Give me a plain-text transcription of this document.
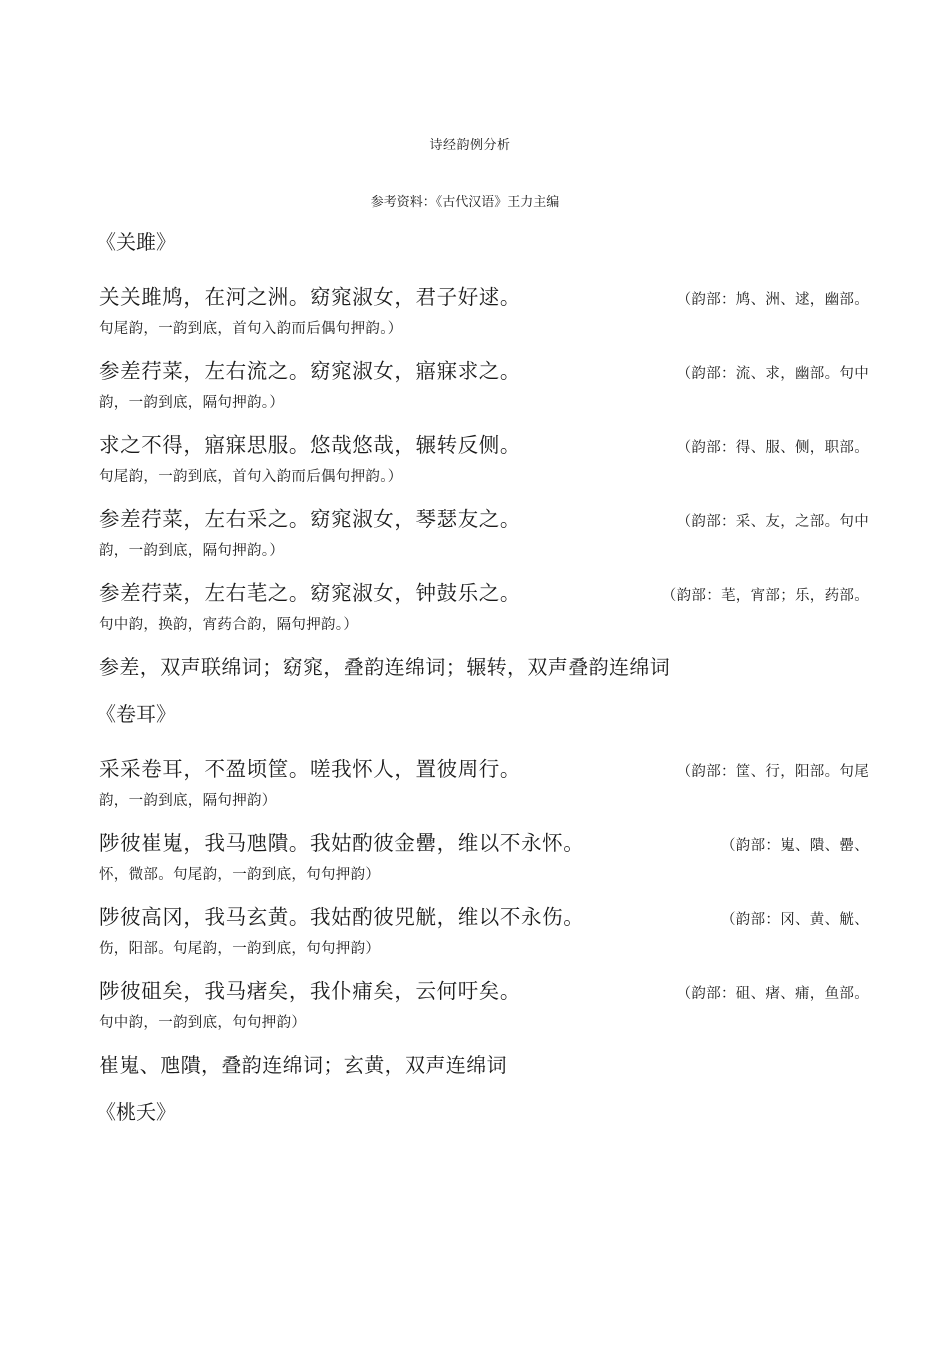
诗经韵例分析
参考资料：《古代汉语》王力主编
《关雎》
关关雎鸠，在河之洲。窈窕淑女，君子好逑。	（韵部：鸠、洲、逑，幽部。
句尾韵，一韵到底，首句入韵而后偶句押韵。）
参差荇菜，左右流之。窈窕淑女，寤寐求之。	（韵部：流、求，幽部。句中
韵，一韵到底，隔句押韵。）
求之不得，寤寐思服。悠哉悠哉，辗转反侧。	（韵部：得、服、侧，职部。
句尾韵，一韵到底，首句入韵而后偶句押韵。）
参差荇菜，左右采之。窈窕淑女，琴瑟友之。	（韵部：采、友，之部。句中
韵，一韵到底，隔句押韵。）
参差荇菜，左右芼之。窈窕淑女，钟鼓乐之。	（韵部：芼，宵部；乐，药部。
句中韵，换韵，宵药合韵，隔句押韵。）
参差，双声联绵词；窈窕，叠韵连绵词；辗转，双声叠韵连绵词
《卷耳》
采采卷耳，不盈顷筐。嗟我怀人，置彼周行。	（韵部：筐、行，阳部。句尾
韵，一韵到底，隔句押韵）
陟彼崔嵬，我马虺隤。我姑酌彼金罍，维以不永怀。	（韵部：嵬、隤、罍、
怀，微部。句尾韵，一韵到底，句句押韵）
陟彼高冈，我马玄黄。我姑酌彼兕觥，维以不永伤。	（韵部：冈、黄、觥、
伤，阳部。句尾韵，一韵到底，句句押韵）
陟彼砠矣，我马瘏矣，我仆痡矣，云何吁矣。	（韵部：砠、瘏、痡，鱼部。
句中韵，一韵到底，句句押韵）
崔嵬、虺隤，叠韵连绵词；玄黄，双声连绵词
《桃夭》
